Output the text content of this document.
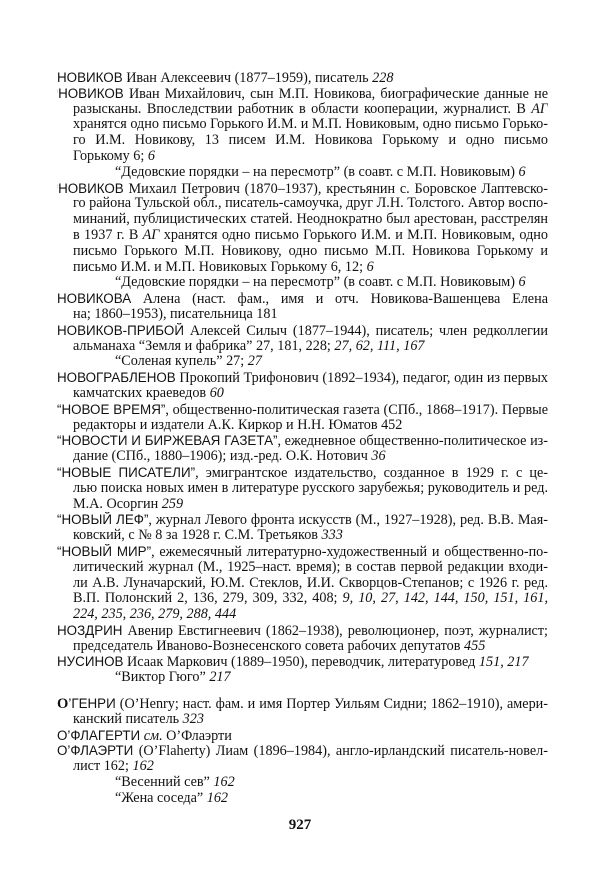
НОВИКОВ Иван Алексеевич (1877–1959), писатель 228
НОВИКОВ Иван Михайлович, сын М.П. Новикова, биографические данные не
разысканы. Впоследствии работник в области кооперации, журналист. В АГ
хранятся одно письмо Горького И.М. и М.П. Новиковым, одно письмо Горько-
го И.М. Новикову, 13 писем И.М. Новикова Горькому и одно письмо
Горькому 6; 6
“Дедовские порядки – на пересмотр” (в соавт. с М.П. Новиковым) 6
НОВИКОВ Михаил Петрович (1870–1937), крестьянин с. Боровское Лаптевско-
го района Тульской обл., писатель-самоучка, друг Л.Н. Толстого. Автор воспо-
минаний, публицистических статей. Неоднократно был арестован, расстрелян
в 1937 г. В АГ хранятся одно письмо Горького И.М. и М.П. Новиковым, одно
письмо Горького М.П. Новикову, одно письмо М.П. Новикова Горькому и
письмо И.М. и М.П. Новиковых Горькому 6, 12; 6
“Дедовские порядки – на пересмотр” (в соавт. с М.П. Новиковым) 6
НОВИКОВА Алена (наст. фам., имя и отч. Новикова-Вашенцева Елена
на; 1860–1953), писательница 181
НОВИКОВ-ПРИБОЙ Алексей Силыч (1877–1944), писатель; член редколлегии
альманаха “Земля и фабрика” 27, 181, 228; 27, 62, 111, 167
“Соленая купель” 27; 27
НОВОГРАБЛЕНОВ Прокопий Трифонович (1892–1934), педагог, один из первых
камчатских краеведов 60
“НОВОЕ ВРЕМЯ”, общественно-политическая газета (СПб., 1868–1917). Первые
редакторы и издатели А.К. Киркор и Н.Н. Юматов 452
“НОВОСТИ И БИРЖЕВАЯ ГАЗЕТА”, ежедневное общественно-политическое из-
дание (СПб., 1880–1906); изд.-ред. О.К. Нотович 36
“НОВЫЕ ПИСАТЕЛИ”, эмигрантское издательство, созданное в 1929 г. с це-
лью поиска новых имен в литературе русского зарубежья; руководитель и ред.
М.А. Осоргин 259
“НОВЫЙ ЛЕФ”, журнал Левого фронта искусств (М., 1927–1928), ред. В.В. Мая-
ковский, с № 8 за 1928 г. С.М. Третьяков 333
“НОВЫЙ МИР”, ежемесячный литературно-художественный и общественно-по-
литический журнал (М., 1925–наст. время); в состав первой редакции входи-
ли А.В. Луначарский, Ю.М. Стеклов, И.И. Скворцов-Степанов; с 1926 г. ред.
В.П. Полонский 2, 136, 279, 309, 332, 408; 9, 10, 27, 142, 144, 150, 151, 161,
224, 235, 236, 279, 288, 444
НОЗДРИН Авенир Евстигнеевич (1862–1938), революционер, поэт, журналист;
председатель Иваново-Вознесенского совета рабочих депутатов 455
НУСИНОВ Исаак Маркович (1889–1950), переводчик, литературовед 151, 217
“Виктор Гюго” 217
О’ГЕНРИ (O’Henry; наст. фам. и имя Портер Уильям Сидни; 1862–1910), амери-
канский писатель 323
О’ФЛАГЕРТИ см. О’Флаэрти
О’ФЛАЭРТИ (O’Flaherty) Лиам (1896–1984), англо-ирландский писатель-новел-
лист 162; 162
“Весенний сев” 162
“Жена соседа” 162
927
